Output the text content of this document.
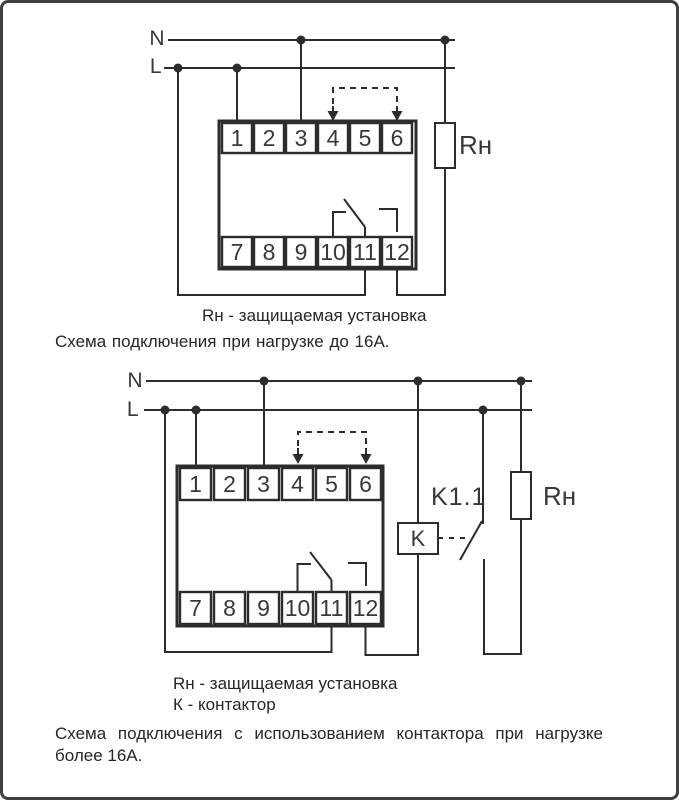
N
L
Rн
1 2 3 4 5 6
7 8 9 10 11 12
N
L
K
K1.1 Rн
1 2 3 4 5 6
7 8 9 10 11 12
Rн - защищаемая установка
Схема подключения при нагрузке до 16А.
Rн - защищаемая установка
К - контактор
Схема подключения с использованием контактора при нагрузке
более 16А.
